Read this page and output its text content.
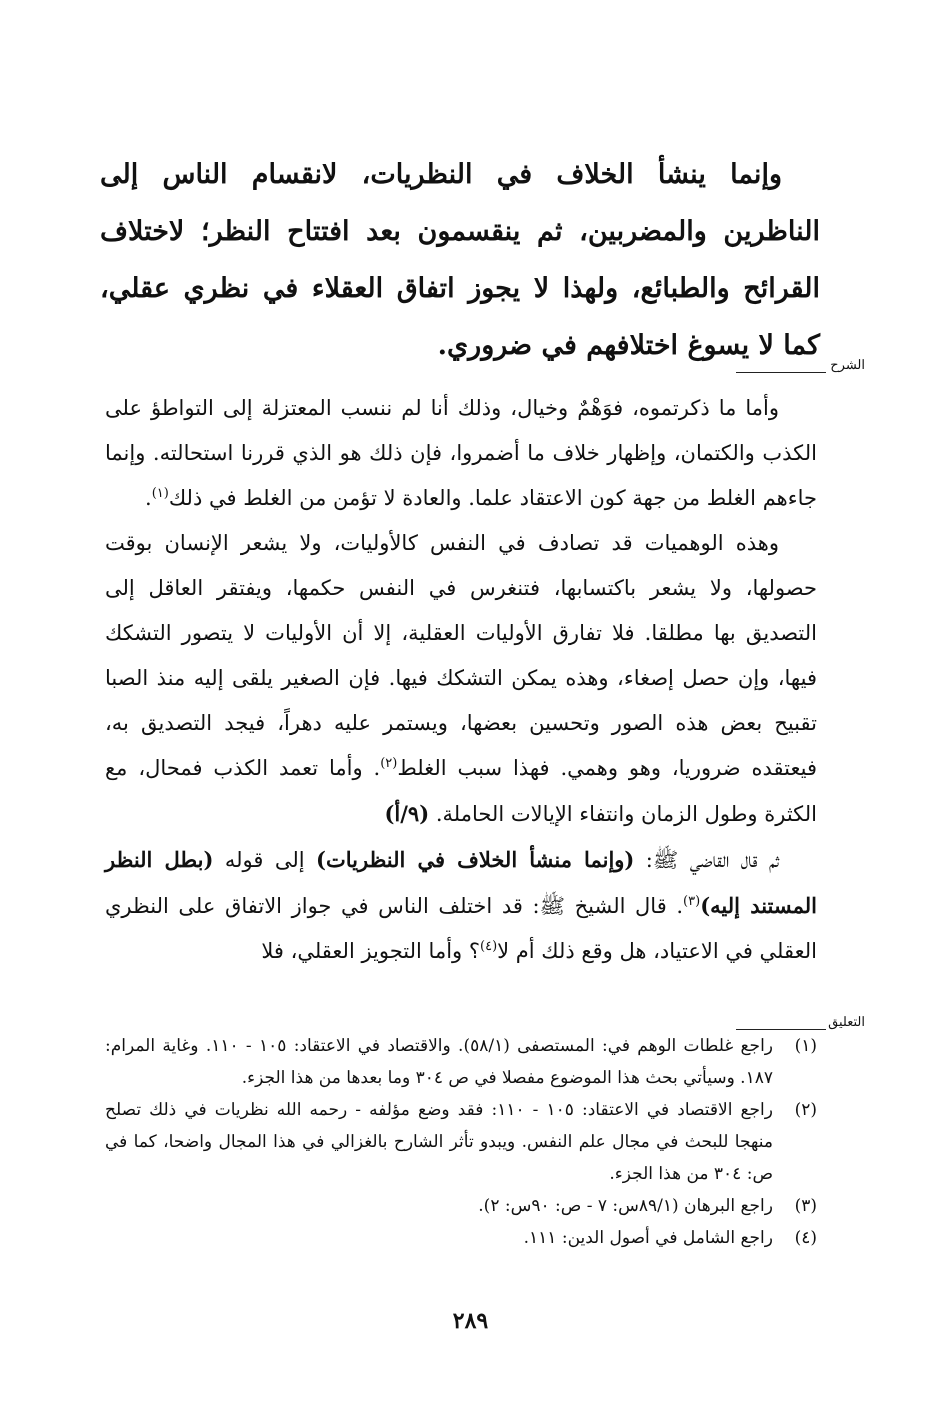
وإنما ينشأ الخلاف في النظريات، لانقسام الناس إلى الناظرين والمضربين، ثم ينقسمون بعد افتتاح النظر؛ لاختلاف القرائح والطبائع، ولهذا لا يجوز اتفاق العقلاء في نظري عقلي، كما لا يسوغ اختلافهم في ضروري.

الشرح

وأما ما ذكرتموه، فوَهْمٌ وخيال، وذلك أنا لم ننسب المعتزلة إلى التواطؤ على الكذب والكتمان، وإظهار خلاف ما أضمروا، فإن ذلك هو الذي قررنا استحالته. وإنما جاءهم الغلط من جهة كون الاعتقاد علما. والعادة لا تؤمن من الغلط في ذلك$^{(١)}$.

وهذه الوهميات قد تصادف في النفس كالأوليات، ولا يشعر الإنسان بوقت حصولها، ولا يشعر باكتسابها، فتنغرس في النفس حكمها، ويفتقر العاقل إلى التصديق بها مطلقا. فلا تفارق الأوليات العقلية، إلا أن الأوليات لا يتصور التشكك فيها، وإن حصل إصغاء، وهذه يمكن التشكك فيها. فإن الصغير يلقى إليه منذ الصبا تقبيح بعض هذه الصور وتحسين بعضها، ويستمر عليه دهراً، فيجد التصديق به، فيعتقده ضروريا، وهو وهمي. فهذا سبب الغلط$^{(٢)}$. وأما تعمد الكذب فمحال، مع الكثرة وطول الزمان وانتفاء الإيالات الحاملة. (٩/أ)

ثم قال القاضي ﷺ: (وإنما منشأ الخلاف في النظريات) إلى قوله (بطل النظر المستند إليه)$^{(٣)}$. قال الشيخ ﷺ: قد اختلف الناس في جواز الاتفاق على النظري العقلي في الاعتياد، هل وقع ذلك أم لا$^{(٤)}$؟ وأما التجويز العقلي، فلا

التعليق
(١)
راجع غلطات الوهم في: المستصفى (٥٨/١). والاقتصاد في الاعتقاد: ١٠٥ - ١١٠. وغاية المرام: ١٨٧. وسيأتي بحث هذا الموضوع مفصلا في ص ٣٠٤ وما بعدها من هذا الجزء.
(٢)
راجع الاقتصاد في الاعتقاد: ١٠٥ - ١١٠: فقد وضع مؤلفه - رحمه الله نظريات في ذلك تصلح منهجا للبحث في مجال علم النفس. ويبدو تأثر الشارح بالغزالي في هذا المجال واضحا، كما في ص: ٣٠٤ من هذا الجزء.
(٣)
راجع البرهان (٨٩/١س: ٧ - ص: ٩٠س: ٢).
(٤)
راجع الشامل في أصول الدين: ١١١.
٢٨٩
